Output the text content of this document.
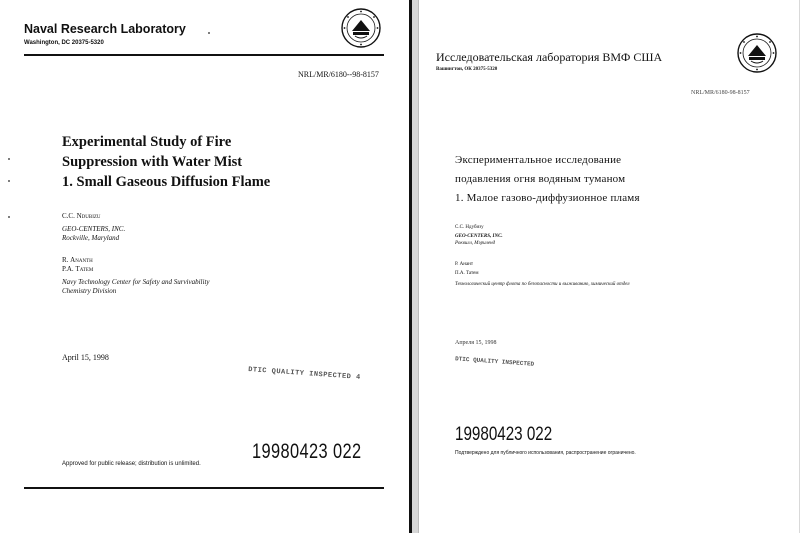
Naval Research Laboratory
Washington, DC 20375-5320
NRL/MR/6180--98-8157
Experimental Study of Fire
Suppression with Water Mist
1. Small Gaseous Diffusion Flame
C.C. Ndubizu
GEO-CENTERS, INC.
Rockville, Maryland
R. Ananth
P.A. Tatem
Navy Technology Center for Safety and Survivability
Chemistry Division
April 15, 1998
DTIC QUALITY INSPECTED 4
19980423 022
Approved for public release; distribution is unlimited.
Исследовательская лаборатория ВМФ США
Вашингтон, ОК 20375-5320
NRL/MR/6180-98-8157
Экспериментальное исследование
подавления огня водяным туманом
1. Малое газово-диффузионное пламя
С.С. Ндубизу
GEO-CENTERS, INC.
Роквилл, Мэриленд
Р. Анант
П.А. Татем
Технологический центр флота по безопасности и выживанию, химический отдел
Апреля 15, 1998
DTIC QUALITY INSPECTED
19980423 022
Подтверждено для публичного использования, распространение ограничено.
